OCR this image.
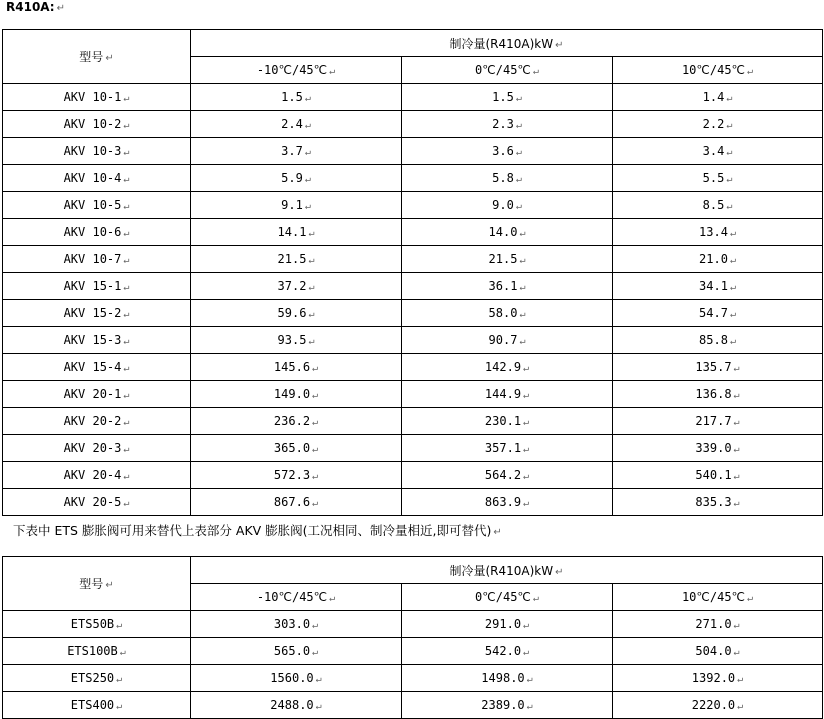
R410A: ↵
型号 ↵	制冷量(R410A)kW ↵		
	-10℃/45℃ ↵	0℃/45℃ ↵	10℃/45℃ ↵
AKV 10-1 ↵	1.5 ↵	1.5 ↵	1.4 ↵
AKV 10-2 ↵	2.4 ↵	2.3 ↵	2.2 ↵
AKV 10-3 ↵	3.7 ↵	3.6 ↵	3.4 ↵
AKV 10-4 ↵	5.9 ↵	5.8 ↵	5.5 ↵
AKV 10-5 ↵	9.1 ↵	9.0 ↵	8.5 ↵
AKV 10-6 ↵	14.1 ↵	14.0 ↵	13.4 ↵
AKV 10-7 ↵	21.5 ↵	21.5 ↵	21.0 ↵
AKV 15-1 ↵	37.2 ↵	36.1 ↵	34.1 ↵
AKV 15-2 ↵	59.6 ↵	58.0 ↵	54.7 ↵
AKV 15-3 ↵	93.5 ↵	90.7 ↵	85.8 ↵
AKV 15-4 ↵	145.6 ↵	142.9 ↵	135.7 ↵
AKV 20-1 ↵	149.0 ↵	144.9 ↵	136.8 ↵
AKV 20-2 ↵	236.2 ↵	230.1 ↵	217.7 ↵
AKV 20-3 ↵	365.0 ↵	357.1 ↵	339.0 ↵
AKV 20-4 ↵	572.3 ↵	564.2 ↵	540.1 ↵
AKV 20-5 ↵	867.6 ↵	863.9 ↵	835.3 ↵
下表中 ETS 膨胀阀可用来替代上表部分 AKV 膨胀阀(工况相同、制冷量相近,即可替代) ↵
型号 ↵	制冷量(R410A)kW ↵		
	-10℃/45℃ ↵	0℃/45℃ ↵	10℃/45℃ ↵
ETS50B ↵	303.0 ↵	291.0 ↵	271.0 ↵
ETS100B ↵	565.0 ↵	542.0 ↵	504.0 ↵
ETS250 ↵	1560.0 ↵	1498.0 ↵	1392.0 ↵
ETS400 ↵	2488.0 ↵	2389.0 ↵	2220.0 ↵
